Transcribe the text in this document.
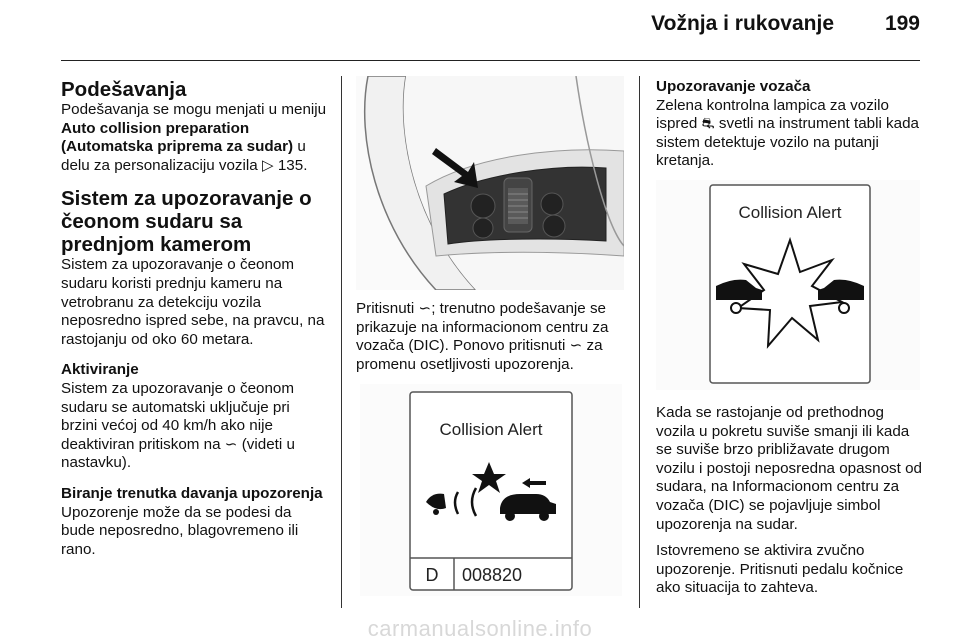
Vožnja i rukovanje 199
Podešavanja

Podešavanja se mogu menjati u meniju Auto collision preparation (Automatska priprema za sudar) u delu za personalizaciju vozila ▷ 135.

Sistem za upozoravanje o čeonom sudaru sa prednjom kamerom

Sistem za upozoravanje o čeonom sudaru koristi prednju kameru na vetrobranu za detekciju vozila neposredno ispred sebe, na pravcu, na rastojanju od oko 60 metara.

Aktiviranje

Sistem za upozoravanje o čeonom sudaru se automatski uključuje pri brzini većoj od 40 km/h ako nije deaktiviran pritiskom na ∽ (videti u nastavku).

Biranje trenutka davanja upozorenja

Upozorenje može da se podesi da bude neposredno, blagovremeno ili rano.

Pritisnuti ∽; trenutno podešavanje se prikazuje na informacionom centru za vozača (DIC). Ponovo pritisnuti ∽ za promenu osetljivosti upozorenja.

Collision Alert
D 008820
Upozoravanje vozača

Zelena kontrolna lampica za vozilo ispred ⛐ svetli na instrument tabli kada sistem detektuje vozilo na putanji kretanja.

Collision Alert

Kada se rastojanje od prethodnog vozila u pokretu suviše smanji ili kada se suviše brzo približavate drugom vozilu i postoji neposredna opasnost od sudara, na Informacionom centru za vozača (DIC) se pojavljuje simbol upozorenja na sudar.

Istovremeno se aktivira zvučno upozorenje. Pritisnuti pedalu kočnice ako situacija to zahteva.

carmanualsonline.info
